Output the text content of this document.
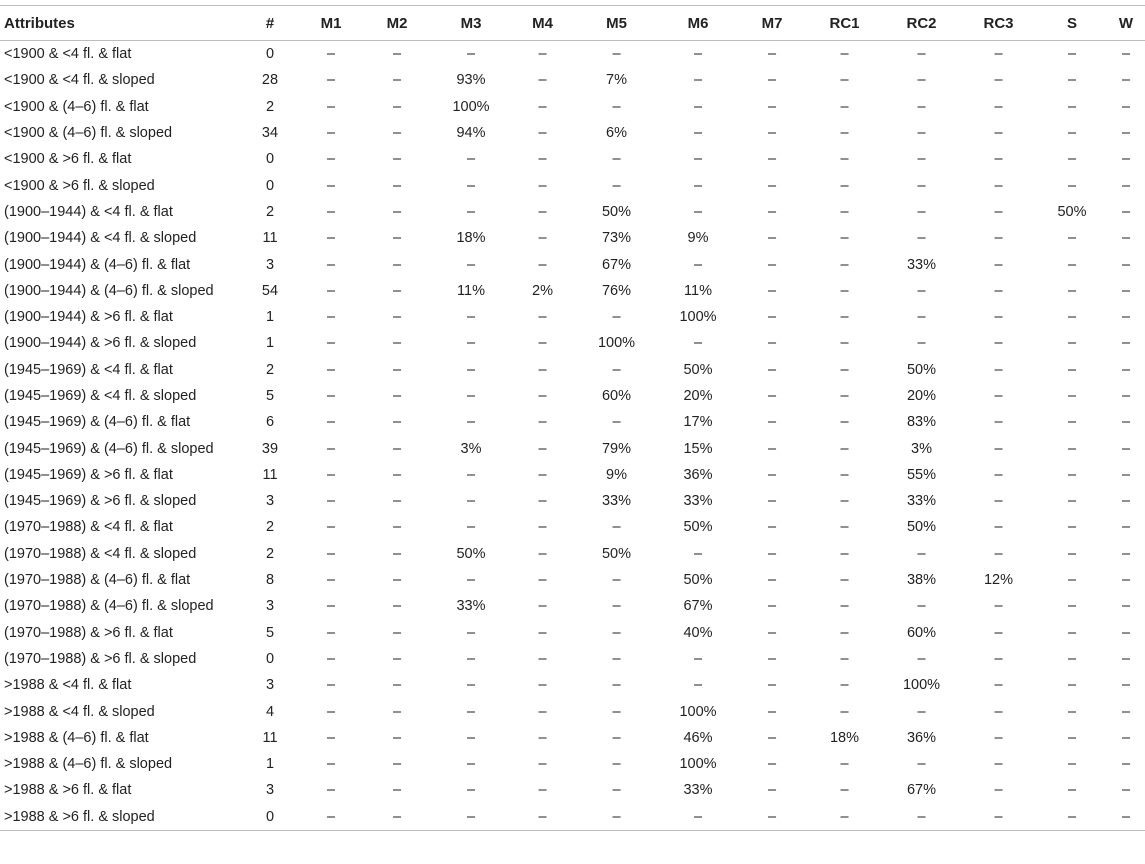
Attributes	#	M1	M2	M3	M4	M5	M6	M7	RC1	RC2	RC3	S	W
<1900 & <4 fl. & flat	0	–	–	–	–	–	–	–	–	–	–	–	–
<1900 & <4 fl. & sloped	28	–	–	93%	–	7%	–	–	–	–	–	–	–
<1900 & (4–6) fl. & flat	2	–	–	100%	–	–	–	–	–	–	–	–	–
<1900 & (4–6) fl. & sloped	34	–	–	94%	–	6%	–	–	–	–	–	–	–
<1900 & >6 fl. & flat	0	–	–	–	–	–	–	–	–	–	–	–	–
<1900 & >6 fl. & sloped	0	–	–	–	–	–	–	–	–	–	–	–	–
(1900–1944) & <4 fl. & flat	2	–	–	–	–	50%	–	–	–	–	–	50%	–
(1900–1944) & <4 fl. & sloped	11	–	–	18%	–	73%	9%	–	–	–	–	–	–
(1900–1944) & (4–6) fl. & flat	3	–	–	–	–	67%	–	–	–	33%	–	–	–
(1900–1944) & (4–6) fl. & sloped	54	–	–	11%	2%	76%	11%	–	–	–	–	–	–
(1900–1944) & >6 fl. & flat	1	–	–	–	–	–	100%	–	–	–	–	–	–
(1900–1944) & >6 fl. & sloped	1	–	–	–	–	100%	–	–	–	–	–	–	–
(1945–1969) & <4 fl. & flat	2	–	–	–	–	–	50%	–	–	50%	–	–	–
(1945–1969) & <4 fl. & sloped	5	–	–	–	–	60%	20%	–	–	20%	–	–	–
(1945–1969) & (4–6) fl. & flat	6	–	–	–	–	–	17%	–	–	83%	–	–	–
(1945–1969) & (4–6) fl. & sloped	39	–	–	3%	–	79%	15%	–	–	3%	–	–	–
(1945–1969) & >6 fl. & flat	11	–	–	–	–	9%	36%	–	–	55%	–	–	–
(1945–1969) & >6 fl. & sloped	3	–	–	–	–	33%	33%	–	–	33%	–	–	–
(1970–1988) & <4 fl. & flat	2	–	–	–	–	–	50%	–	–	50%	–	–	–
(1970–1988) & <4 fl. & sloped	2	–	–	50%	–	50%	–	–	–	–	–	–	–
(1970–1988) & (4–6) fl. & flat	8	–	–	–	–	–	50%	–	–	38%	12%	–	–
(1970–1988) & (4–6) fl. & sloped	3	–	–	33%	–	–	67%	–	–	–	–	–	–
(1970–1988) & >6 fl. & flat	5	–	–	–	–	–	40%	–	–	60%	–	–	–
(1970–1988) & >6 fl. & sloped	0	–	–	–	–	–	–	–	–	–	–	–	–
>1988 & <4 fl. & flat	3	–	–	–	–	–	–	–	–	100%	–	–	–
>1988 & <4 fl. & sloped	4	–	–	–	–	–	100%	–	–	–	–	–	–
>1988 & (4–6) fl. & flat	11	–	–	–	–	–	46%	–	18%	36%	–	–	–
>1988 & (4–6) fl. & sloped	1	–	–	–	–	–	100%	–	–	–	–	–	–
>1988 & >6 fl. & flat	3	–	–	–	–	–	33%	–	–	67%	–	–	–
>1988 & >6 fl. & sloped	0	–	–	–	–	–	–	–	–	–	–	–	–
